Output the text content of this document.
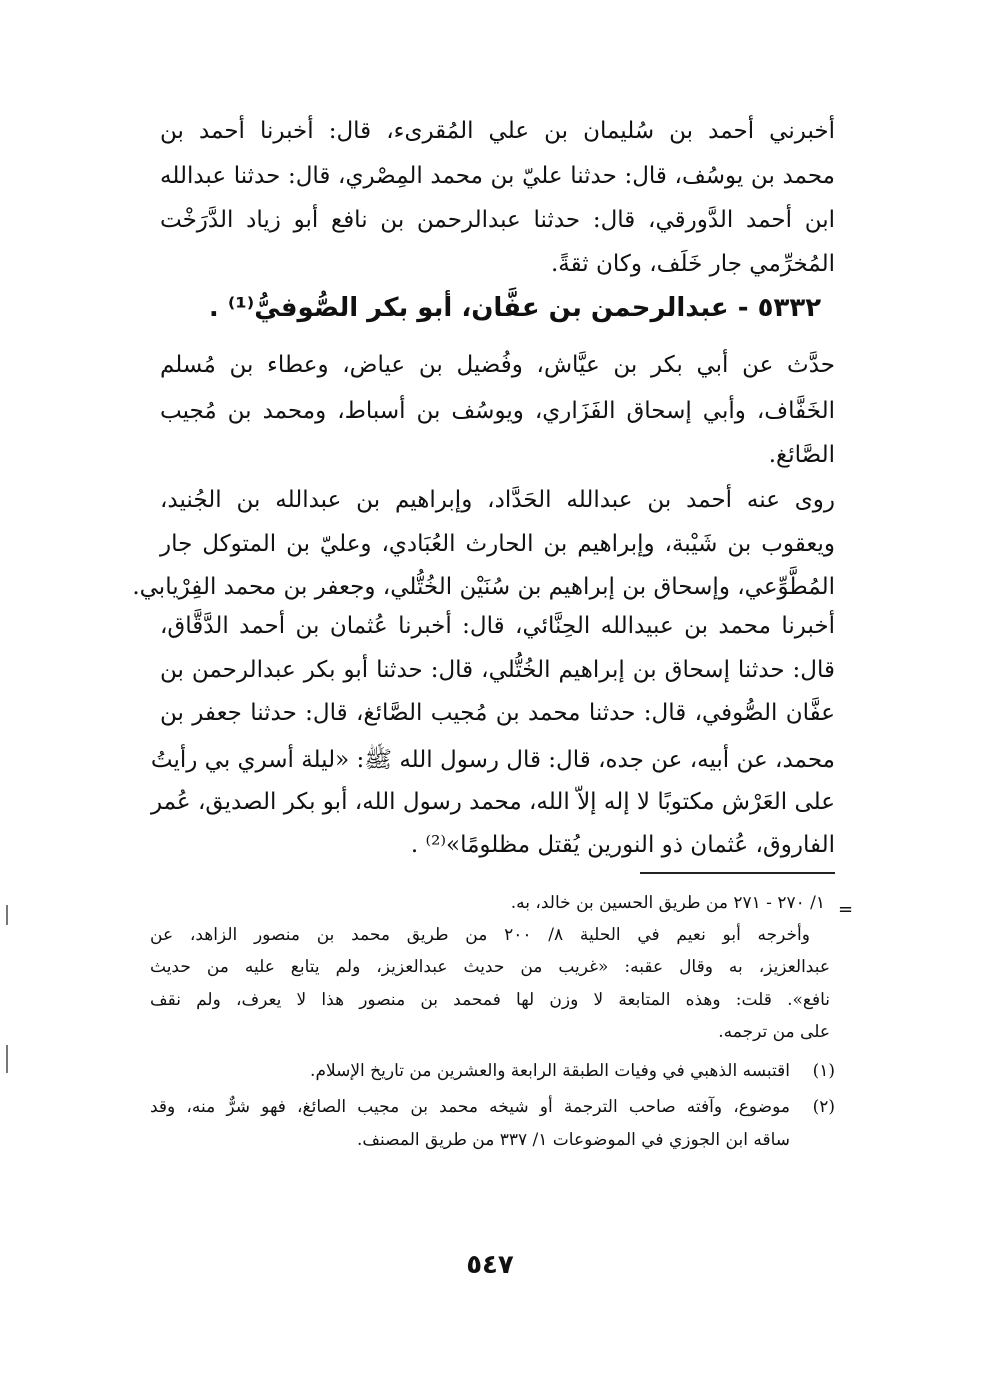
أخبرني أحمد بن سُليمان بن علي المُقرىء، قال: أخبرنا أحمد بن
محمد بن يوسُف، قال: حدثنا عليّ بن محمد المِصْري، قال: حدثنا عبدالله
ابن أحمد الدَّورقي، قال: حدثنا عبدالرحمن بن نافع أبو زياد الدَّرَخْت
المُخرِّمي جار خَلَف، وكان ثقةً.
٥٣٣٢ - عبدالرحمن بن عفَّان، أبو بكر الصُّوفيُّ⁽¹⁾ .
حدَّث عن أبي بكر بن عيَّاش، وفُضيل بن عياض، وعطاء بن مُسلم
الخَفَّاف، وأبي إسحاق الفَزَاري، ويوسُف بن أسباط، ومحمد بن مُجيب
الصَّائغ.
روى عنه أحمد بن عبدالله الحَدَّاد، وإبراهيم بن عبدالله بن الجُنيد،
ويعقوب بن شَيْبة، وإبراهيم بن الحارث العُبَادي، وعليّ بن المتوكل جار
المُطَّوِّعي، وإسحاق بن إبراهيم بن سُنَيْن الخُتُّلي، وجعفر بن محمد الفِرْيابي.
أخبرنا محمد بن عبيدالله الحِنَّائي، قال: أخبرنا عُثمان بن أحمد الدَّقَّاق،
قال: حدثنا إسحاق بن إبراهيم الخُتُّلي، قال: حدثنا أبو بكر عبدالرحمن بن
عفَّان الصُّوفي، قال: حدثنا محمد بن مُجيب الصَّائغ، قال: حدثنا جعفر بن
محمد، عن أبيه، عن جده، قال: قال رسول الله ﷺ: «ليلة أسري بي رأيتُ
على العَرْش مكتوبًا لا إله إلاّ الله، محمد رسول الله، أبو بكر الصديق، عُمر
الفاروق، عُثمان ذو النورين يُقتل مظلومًا»⁽²⁾ .
=
١/ ٢٧٠ - ٢٧١ من طريق الحسين بن خالد، به.
وأخرجه أبو نعيم في الحلية ٨/ ٢٠٠ من طريق محمد بن منصور الزاهد، عن
عبدالعزيز، به وقال عقبه: «غريب من حديث عبدالعزيز، ولم يتابع عليه من حديث
نافع». قلت: وهذه المتابعة لا وزن لها فمحمد بن منصور هذا لا يعرف، ولم نقف
على من ترجمه.
(١)
اقتبسه الذهبي في وفيات الطبقة الرابعة والعشرين من تاريخ الإسلام.
(٢)
موضوع، وآفته صاحب الترجمة أو شيخه محمد بن مجيب الصائغ، فهو شرٌّ منه، وقد
ساقه ابن الجوزي في الموضوعات ١/ ٣٣٧ من طريق المصنف.
٥٤٧
